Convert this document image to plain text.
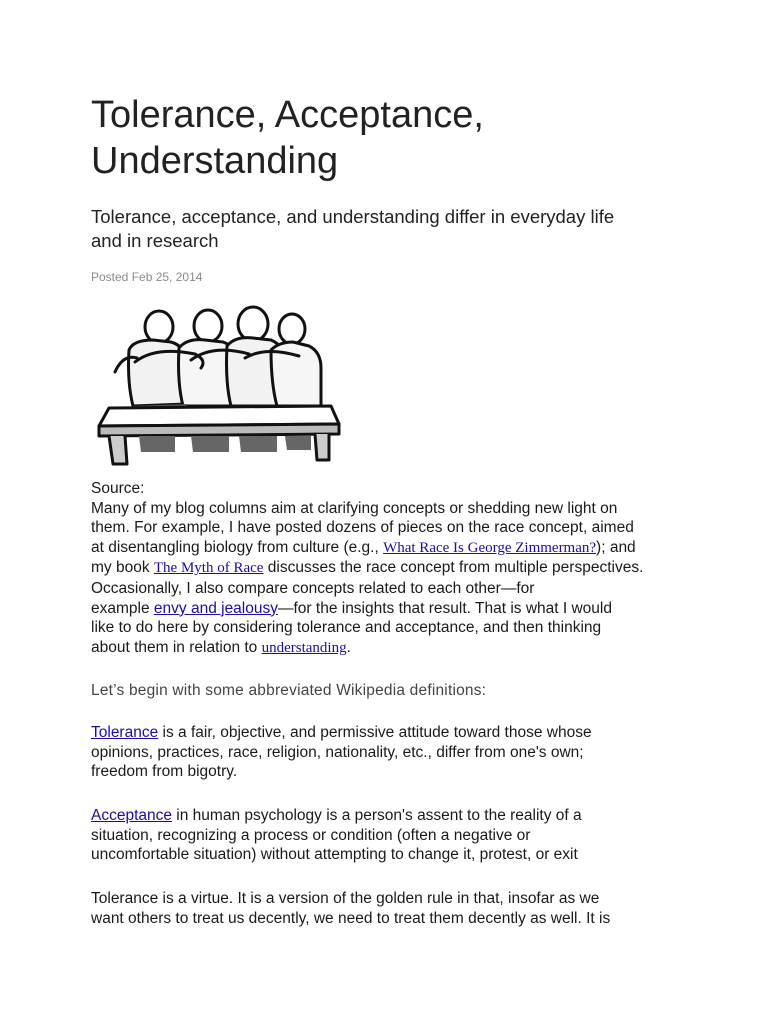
Tolerance, Acceptance,
Understanding
Tolerance, acceptance, and understanding differ in everyday life
and in research
Posted Feb 25, 2014
Source:
Many of my blog columns aim at clarifying concepts or shedding new light on
them. For example, I have posted dozens of pieces on the race concept, aimed
at disentangling biology from culture (e.g., What Race Is George Zimmerman?); and
my book The Myth of Race discusses the race concept from multiple perspectives.
Occasionally, I also compare concepts related to each other—for
example envy and jealousy—for the insights that result. That is what I would
like to do here by considering tolerance and acceptance, and then thinking
about them in relation to understanding.
Let’s begin with some abbreviated Wikipedia definitions:
Tolerance is a fair, objective, and permissive attitude toward those whose
opinions, practices, race, religion, nationality, etc., differ from one's own;
freedom from bigotry.
Acceptance in human psychology is a person's assent to the reality of a
situation, recognizing a process or condition (often a negative or
uncomfortable situation) without attempting to change it, protest, or exit
Tolerance is a virtue. It is a version of the golden rule in that, insofar as we
want others to treat us decently, we need to treat them decently as well. It is
